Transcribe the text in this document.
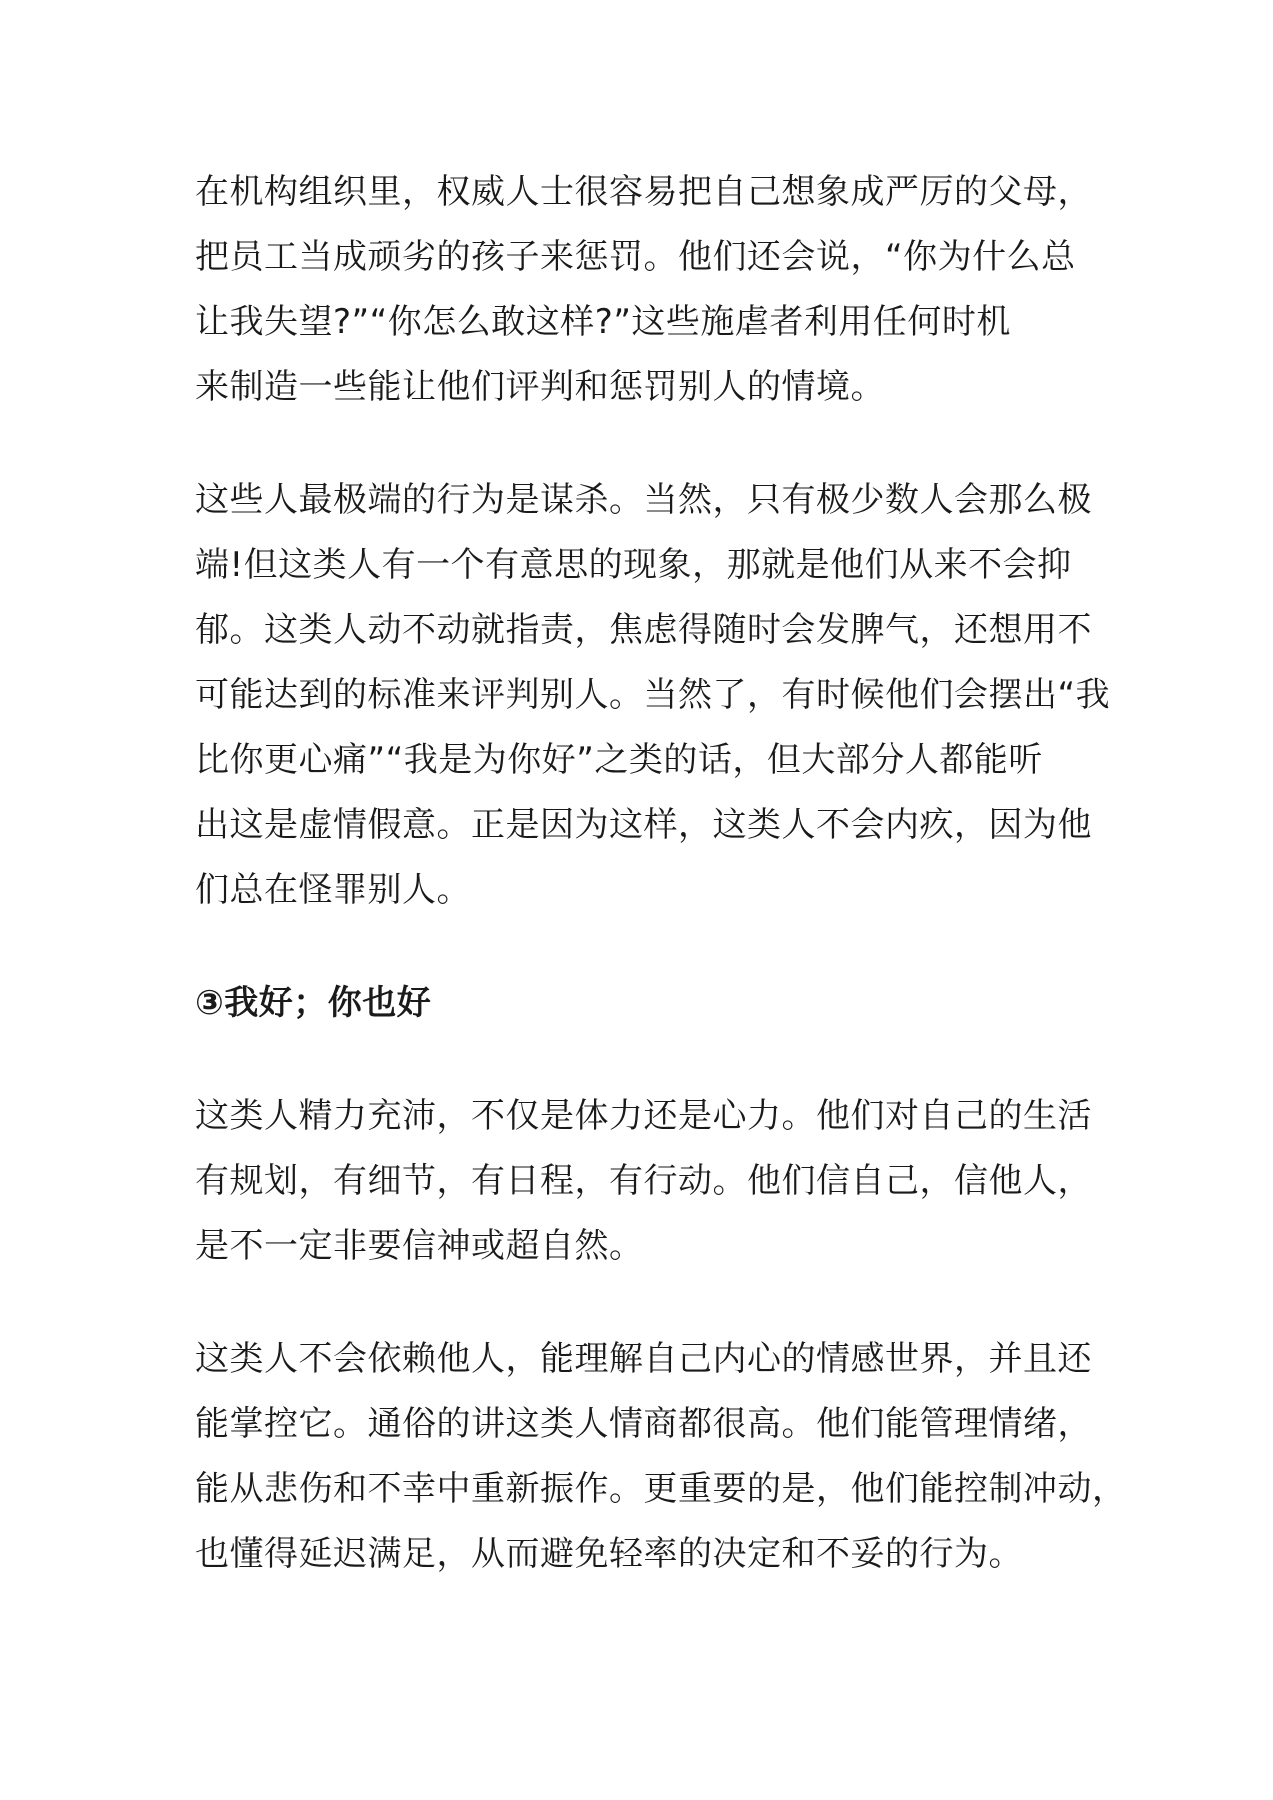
在机构组织里，权威人士很容易把自己想象成严厉的父母，
把员工当成顽劣的孩子来惩罚。他们还会说，“你为什么总
让我失望?”“你怎么敢这样?”这些施虐者利用任何时机
来制造一些能让他们评判和惩罚别人的情境。

这些人最极端的行为是谋杀。当然，只有极少数人会那么极
端!但这类人有一个有意思的现象，那就是他们从来不会抑
郁。这类人动不动就指责，焦虑得随时会发脾气，还想用不
可能达到的标准来评判别人。当然了，有时候他们会摆出“我
比你更心痛”“我是为你好”之类的话，但大部分人都能听
出这是虚情假意。正是因为这样，这类人不会内疚，因为他
们总在怪罪别人。

③我好；你也好

这类人精力充沛，不仅是体力还是心力。他们对自己的生活
有规划，有细节，有日程，有行动。他们信自己，信他人，
是不一定非要信神或超自然。

这类人不会依赖他人，能理解自己内心的情感世界，并且还
能掌控它。通俗的讲这类人情商都很高。他们能管理情绪，
能从悲伤和不幸中重新振作。更重要的是，他们能控制冲动，
也懂得延迟满足，从而避免轻率的决定和不妥的行为。
